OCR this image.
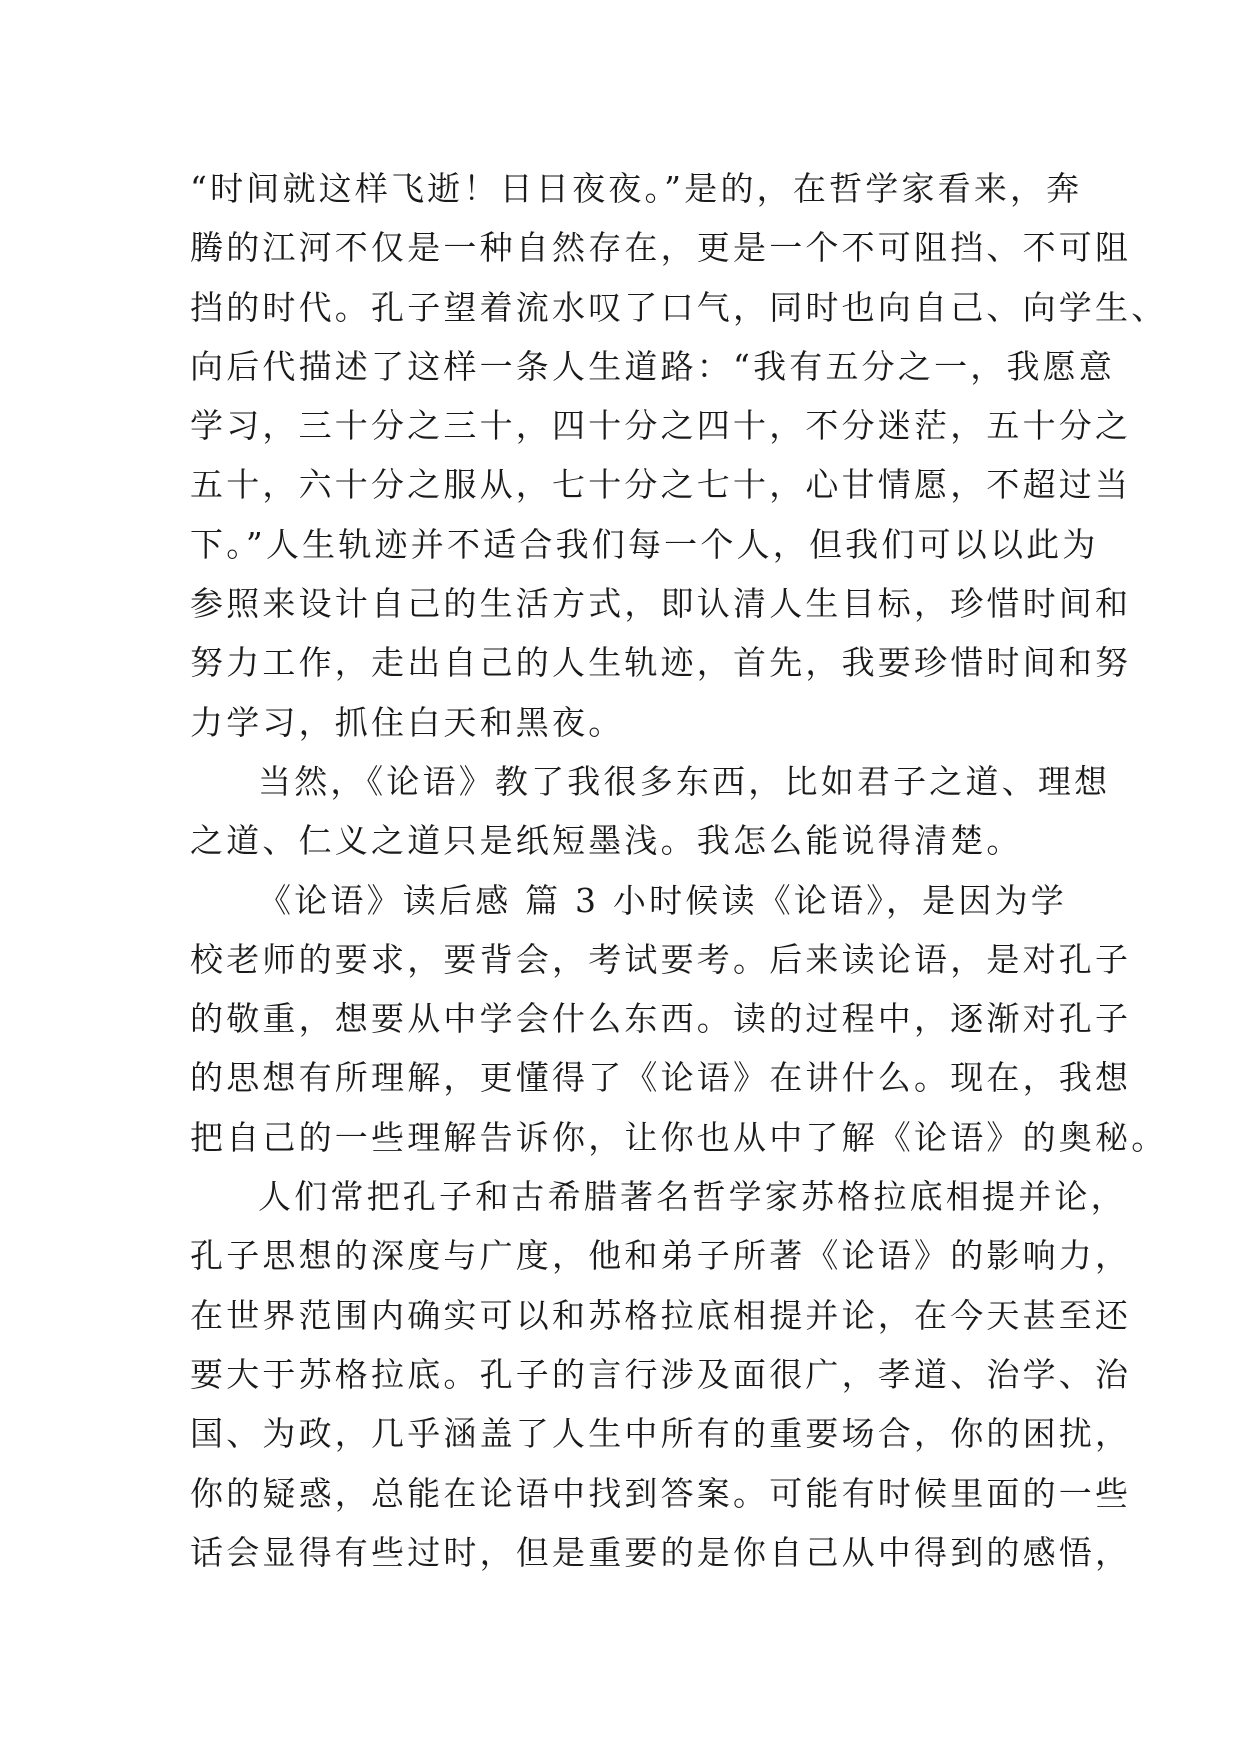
“时间就这样飞逝！日日夜夜。”是的，在哲学家看来，奔
腾的江河不仅是一种自然存在，更是一个不可阻挡、不可阻
挡的时代。孔子望着流水叹了口气，同时也向自己、向学生、
向后代描述了这样一条人生道路：“我有五分之一，我愿意
学习，三十分之三十，四十分之四十，不分迷茫，五十分之
五十，六十分之服从，七十分之七十，心甘情愿，不超过当
下。”人生轨迹并不适合我们每一个人，但我们可以以此为
参照来设计自己的生活方式，即认清人生目标，珍惜时间和
努力工作，走出自己的人生轨迹，首先，我要珍惜时间和努
力学习，抓住白天和黑夜。
当然，《论语》教了我很多东西，比如君子之道、理想
之道、仁义之道只是纸短墨浅。我怎么能说得清楚。
《论语》读后感 篇 3 小时候读《论语》，是因为学
校老师的要求，要背会，考试要考。后来读论语，是对孔子
的敬重，想要从中学会什么东西。读的过程中，逐渐对孔子
的思想有所理解，更懂得了《论语》在讲什么。现在，我想
把自己的一些理解告诉你，让你也从中了解《论语》的奥秘。
人们常把孔子和古希腊著名哲学家苏格拉底相提并论，
孔子思想的深度与广度，他和弟子所著《论语》的影响力，
在世界范围内确实可以和苏格拉底相提并论，在今天甚至还
要大于苏格拉底。孔子的言行涉及面很广，孝道、治学、治
国、为政，几乎涵盖了人生中所有的重要场合，你的困扰，
你的疑惑，总能在论语中找到答案。可能有时候里面的一些
话会显得有些过时，但是重要的是你自己从中得到的感悟，
